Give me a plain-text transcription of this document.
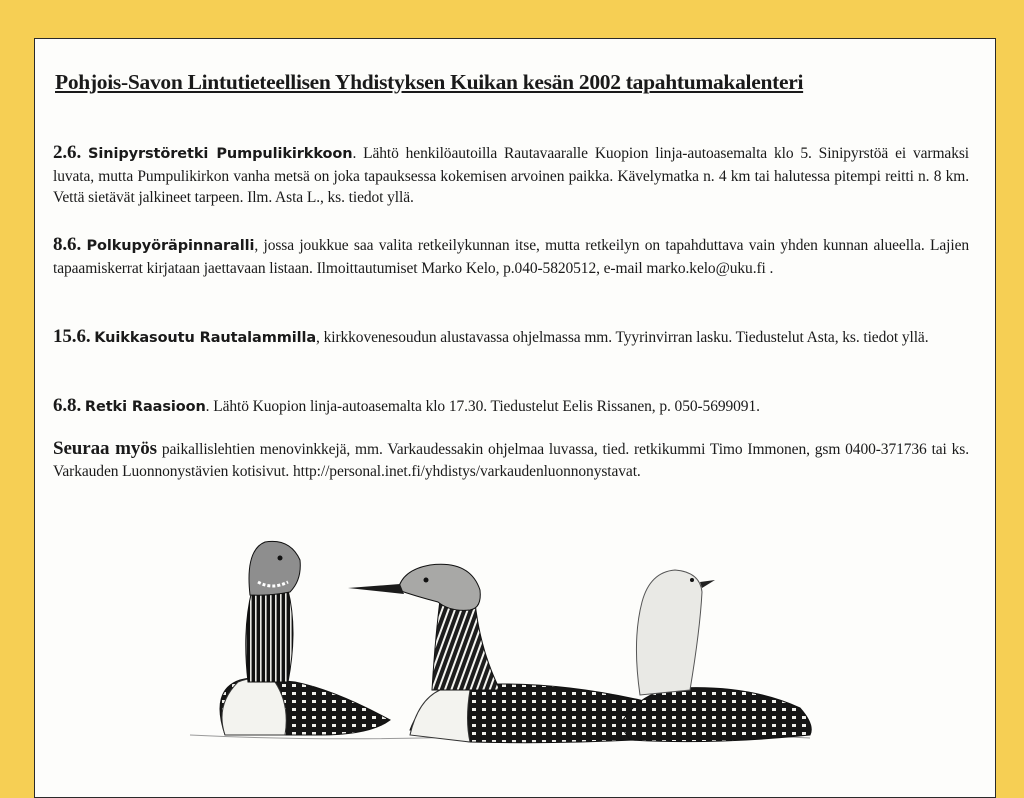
Pohjois-Savon Lintutieteellisen Yhdistyksen Kuikan kesän 2002 tapahtumakalenteri

2.6. Sinipyrstöretki Pumpulikirkkoon. Lähtö henkilöautoilla Rautavaaralle Kuopion linja-autoasemalta klo 5. Sinipyrstöä ei varmaksi luvata, mutta Pumpulikirkon vanha metsä on joka tapauksessa kokemisen arvoinen paikka. Kävelymatka n. 4 km tai halutessa pitempi reitti n. 8 km. Vettä sietävät jalkineet tarpeen. Ilm. Asta L., ks. tiedot yllä.

8.6. Polkupyöräpinnaralli, jossa joukkue saa valita retkeilykunnan itse, mutta retkeilyn on tapahduttava vain yhden kunnan alueella. Lajien tapaamiskerrat kirjataan jaettavaan listaan. Ilmoittautumiset Marko Kelo, p.040-5820512, e-mail marko.kelo@uku.fi .

15.6. Kuikkasoutu Rautalammilla, kirkkovenesoudun alustavassa ohjelmassa mm. Tyyrinvirran lasku. Tiedustelut Asta, ks. tiedot yllä.

6.8. Retki Raasioon. Lähtö Kuopion linja-autoasemalta klo 17.30. Tiedustelut Eelis Rissanen, p. 050-5699091.

Seuraa myös paikallislehtien menovinkkejä, mm. Varkaudessakin ohjelmaa luvassa, tied. retkikummi Timo Immonen, gsm 0400-371736 tai ks. Varkauden Luonnonystävien kotisivut. http://personal.inet.fi/yhdistys/varkaudenluonnonystavat.
